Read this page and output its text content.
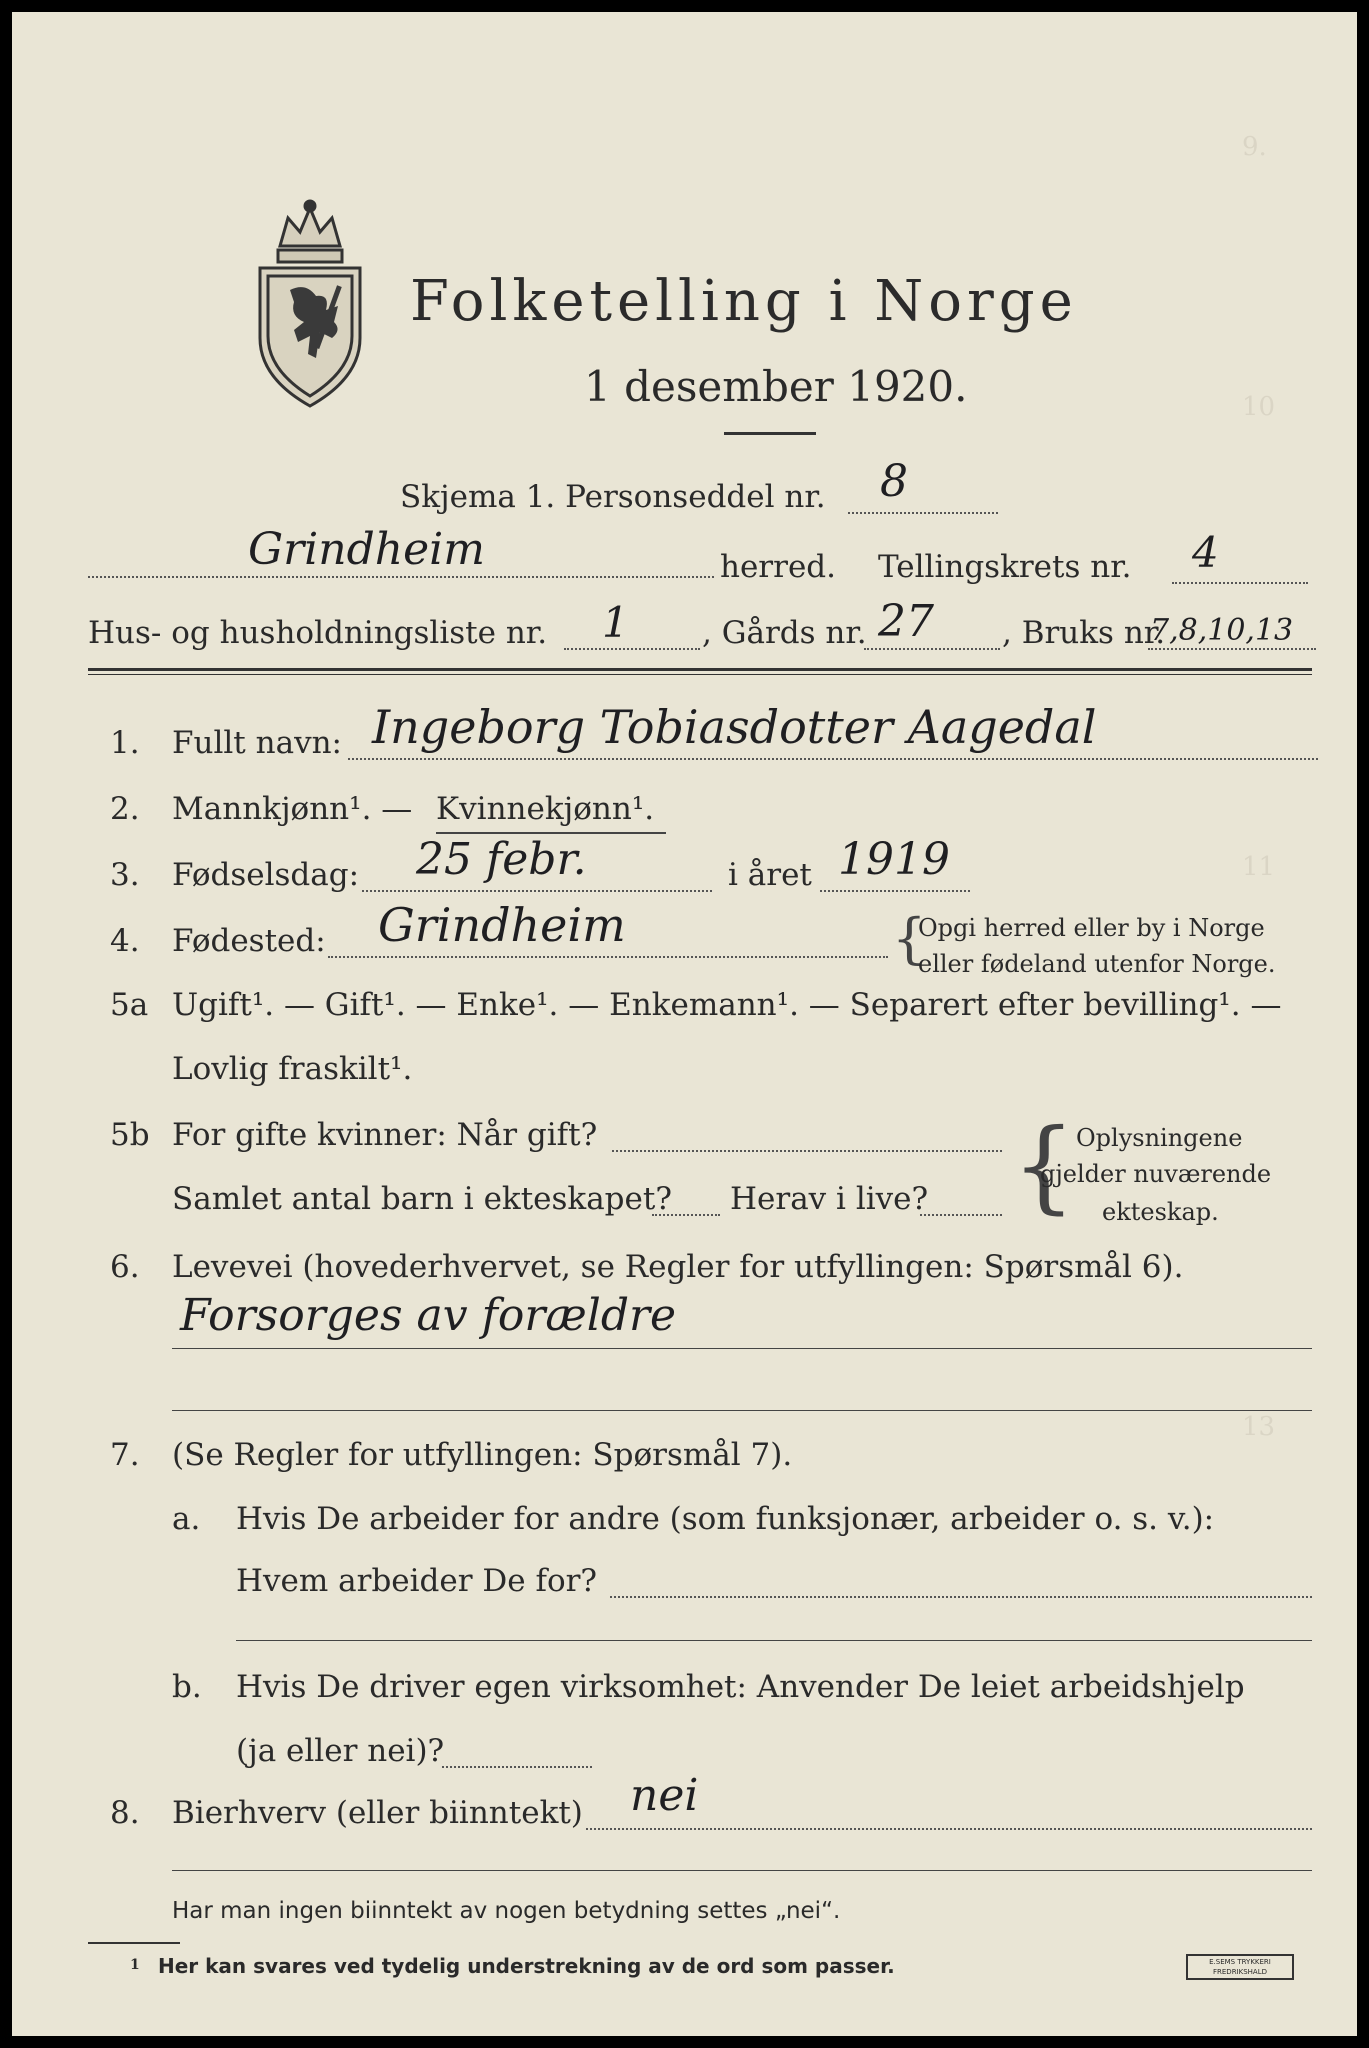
9.
10
11
13
Folketelling i Norge
1 desember 1920.
Skjema 1. Personseddel nr. 8
Grindheim	herred. Tellingskrets nr. 4
Hus- og husholdningsliste nr. 1 , Gårds nr. 27 , Bruks nr.
7,8,10,13
1. Fullt navn: Ingeborg Tobiasdotter Aagedal
2. Mannkjønn¹. — Kvinnekjønn¹.
3. Fødselsdag: 25 febr.	i året 1919
4. Fødested: Grindheim	{
Opgi herred eller by i Norge
eller fødeland utenfor Norge.
5a Ugift¹. — Gift¹. — Enke¹. — Enkemann¹. — Separert efter bevilling¹. —
Lovlig fraskilt¹.
5b For gifte kvinner: Når gift?
Samlet antal barn i ekteskapet? Herav i live? { Oplysningene
gjelder nuværende
ekteskap.
6. Levevei (hovederhvervet, se Regler for utfyllingen: Spørsmål 6).
Forsorges av forældre
7. (Se Regler for utfyllingen: Spørsmål 7).
a. Hvis De arbeider for andre (som funksjonær, arbeider o. s. v.):
Hvem arbeider De for?
b. Hvis De driver egen virksomhet: Anvender De leiet arbeidshjelp
(ja eller nei)?
8. Bierhverv (eller biinntekt) nei
Har man ingen biinntekt av nogen betydning settes „nei“.
1 Her kan svares ved tydelig understrekning av de ord som passer.	E.SEMS TRYKKERI
FREDRIKSHALD
